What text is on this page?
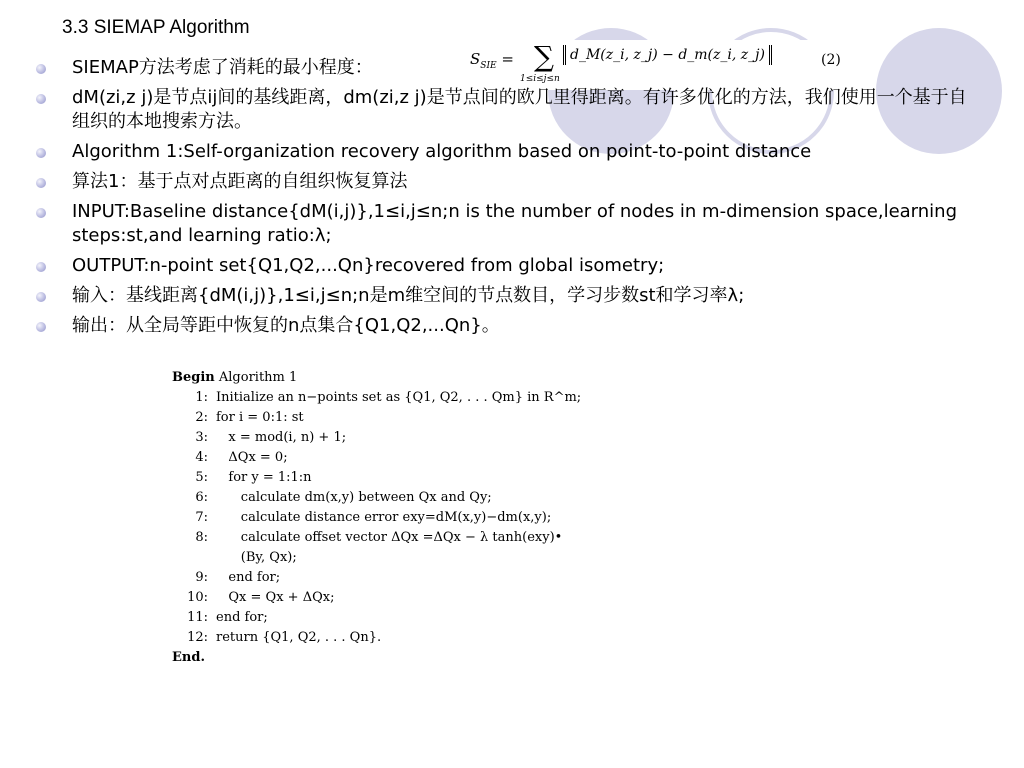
3.3 SIEMAP Algorithm
$S_{SIE}$ = ∑
1≤i≤j≤n
d_M(z_i, z_j) − d_m(z_i, z_j)	(2)
SIEMAP方法考虑了消耗的最小程度：
dM(zi,z j)是节点ij间的基线距离，dm(zi,z j)是节点间的欧几里得距离。有许多优化的方法，我们使用一个基于自组织的本地搜索方法。
Algorithm 1:Self-organization recovery algorithm based on point-to-point distance
算法1：基于点对点距离的自组织恢复算法
INPUT:Baseline distance{dM(i,j)},1≤i,j≤n;n is the number of nodes in m-dimension space,learning steps:st,and learning ratio:λ;
OUTPUT:n-point set{Q1,Q2,...Qn}recovered from global isometry;
输入：基线距离{dM(i,j)},1≤i,j≤n;n是m维空间的节点数目，学习步数st和学习率λ;
输出：从全局等距中恢复的n点集合{Q1,Q2,...Qn}。
Begin Algorithm 1
1: Initialize an n−points set as {Q1, Q2, . . . Qm} in R^m;
2: for i = 0:1: st
3:   x = mod(i, n) + 1;
4:   ΔQx = 0;
5:   for y = 1:1:n
6:      calculate dm(x,y) between Qx and Qy;
7:      calculate distance error exy=dM(x,y)−dm(x,y);
8:      calculate offset vector ΔQx =ΔQx − λ tanh(exy)•
(By, Qx);
9:   end for;
10:   Qx = Qx + ΔQx;
11: end for;
12: return {Q1, Q2, . . . Qn}.
End.
